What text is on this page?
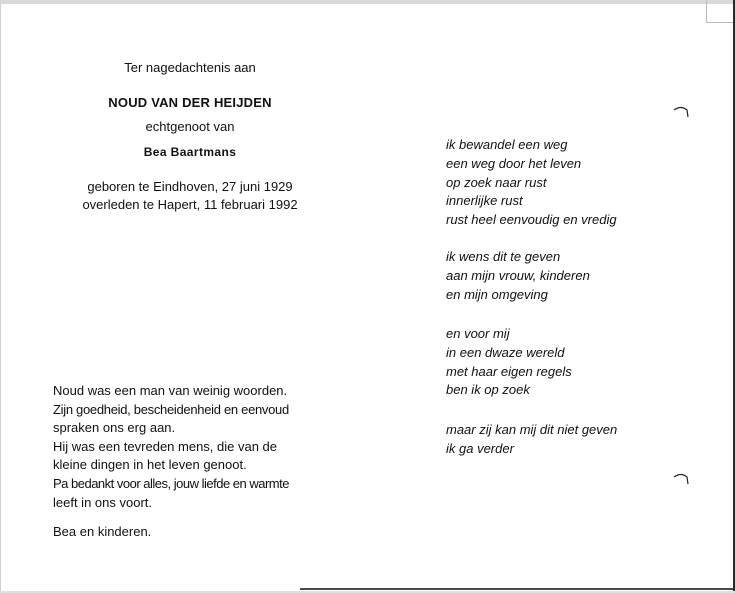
Ter nagedachtenis aan
NOUD VAN DER HEIJDEN
echtgenoot van
Bea Baartmans
geboren te Eindhoven, 27 juni 1929
overleden te Hapert, 11 februari 1992
Noud was een man van weinig woorden.
Zijn goedheid, bescheidenheid en eenvoud
spraken ons erg aan.
Hij was een tevreden mens, die van de
kleine dingen in het leven genoot.
Pa bedankt voor alles, jouw liefde en warmte
leeft in ons voort.
Bea en kinderen.
ik bewandel een weg
een weg door het leven
op zoek naar rust
innerlijke rust
rust heel eenvoudig en vredig
ik wens dit te geven
aan mijn vrouw, kinderen
en mijn omgeving
en voor mij
in een dwaze wereld
met haar eigen regels
ben ik op zoek
maar zij kan mij dit niet geven
ik ga verder
